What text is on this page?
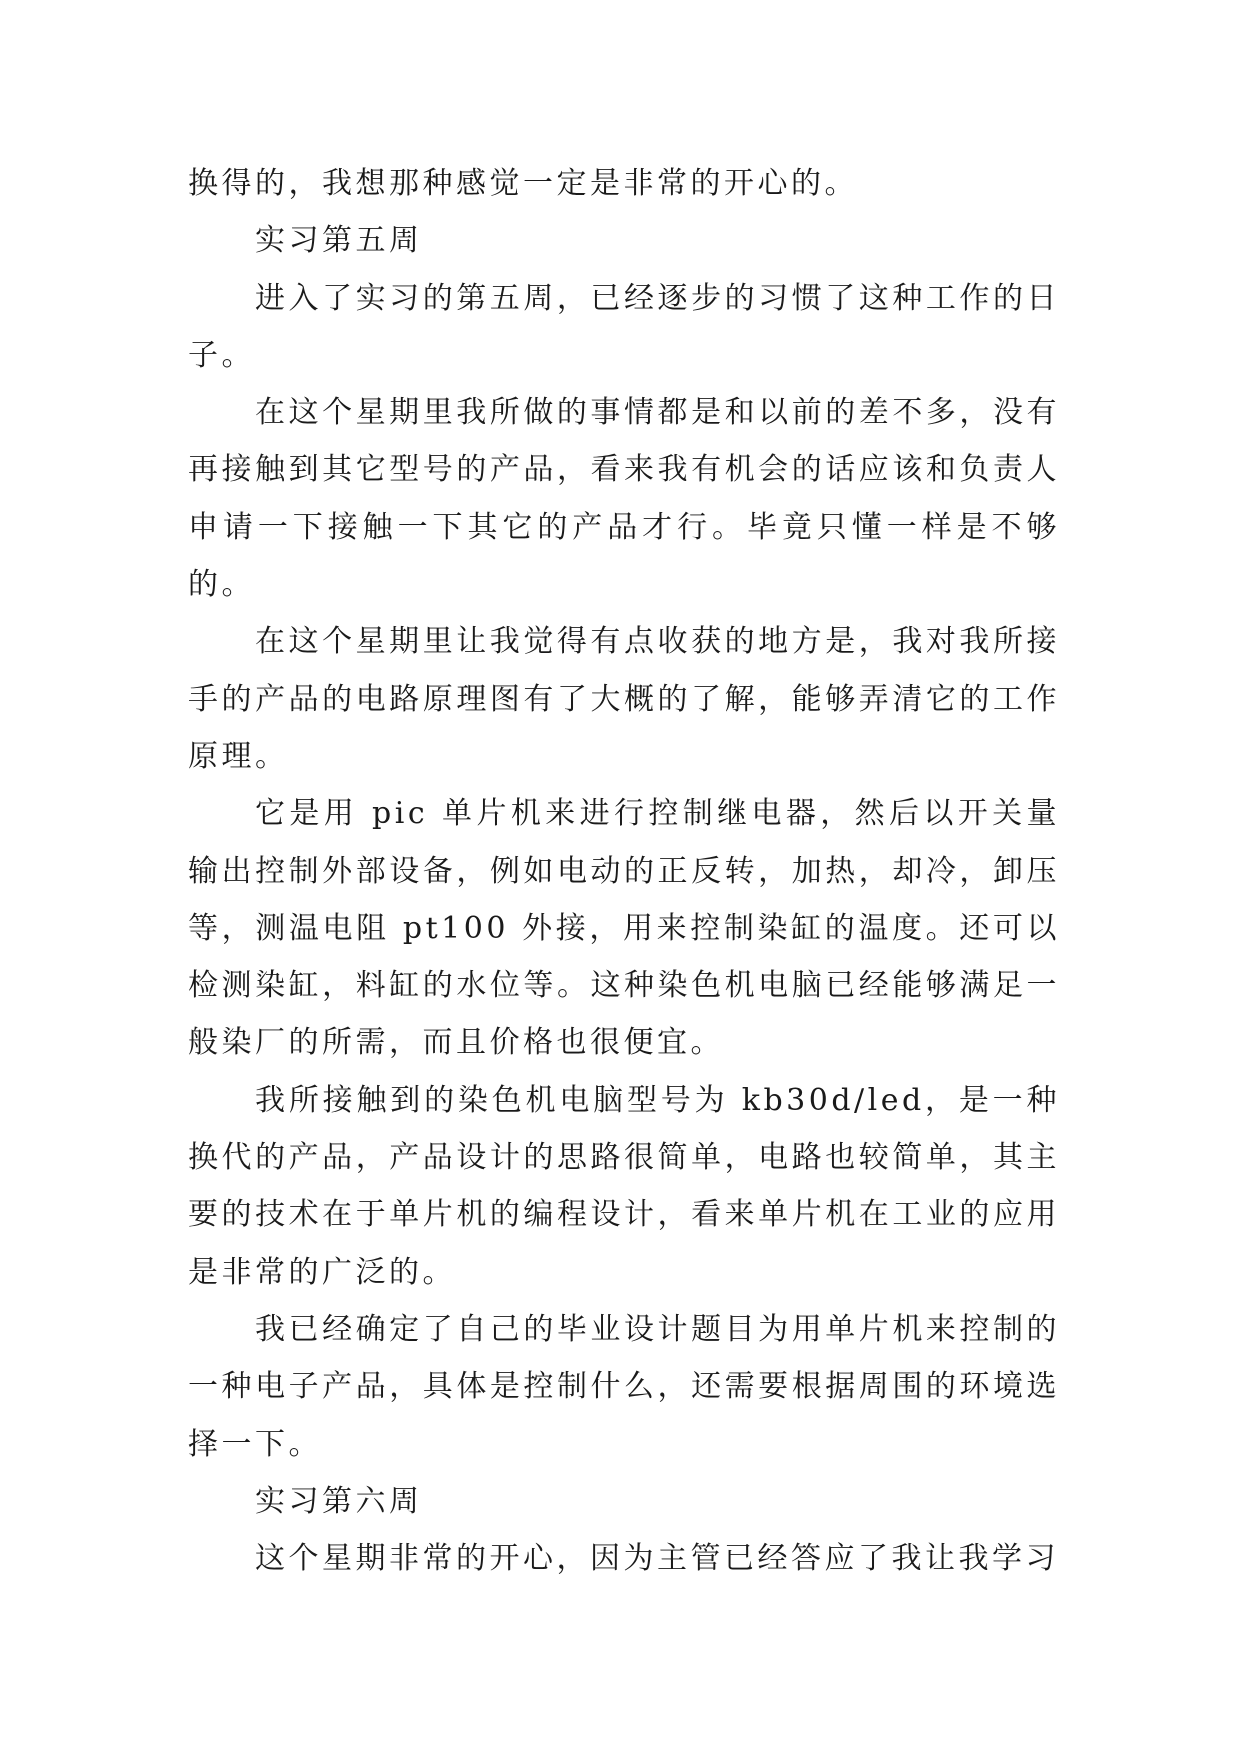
换得的，我想那种感觉一定是非常的开心的。

实习第五周

进入了实习的第五周，已经逐步的习惯了这种工作的日子。

在这个星期里我所做的事情都是和以前的差不多，没有再接触到其它型号的产品，看来我有机会的话应该和负责人申请一下接触一下其它的产品才行。毕竟只懂一样是不够的。

在这个星期里让我觉得有点收获的地方是，我对我所接手的产品的电路原理图有了大概的了解，能够弄清它的工作原理。

它是用 pic 单片机来进行控制继电器，然后以开关量输出控制外部设备，例如电动的正反转，加热，却冷，卸压等，测温电阻 pt100 外接，用来控制染缸的温度。还可以检测染缸，料缸的水位等。这种染色机电脑已经能够满足一般染厂的所需，而且价格也很便宜。

我所接触到的染色机电脑型号为 kb30d/led，是一种换代的产品，产品设计的思路很简单，电路也较简单，其主要的技术在于单片机的编程设计，看来单片机在工业的应用是非常的广泛的。

我已经确定了自己的毕业设计题目为用单片机来控制的一种电子产品，具体是控制什么，还需要根据周围的环境选择一下。

实习第六周

这个星期非常的开心，因为主管已经答应了我让我学习
